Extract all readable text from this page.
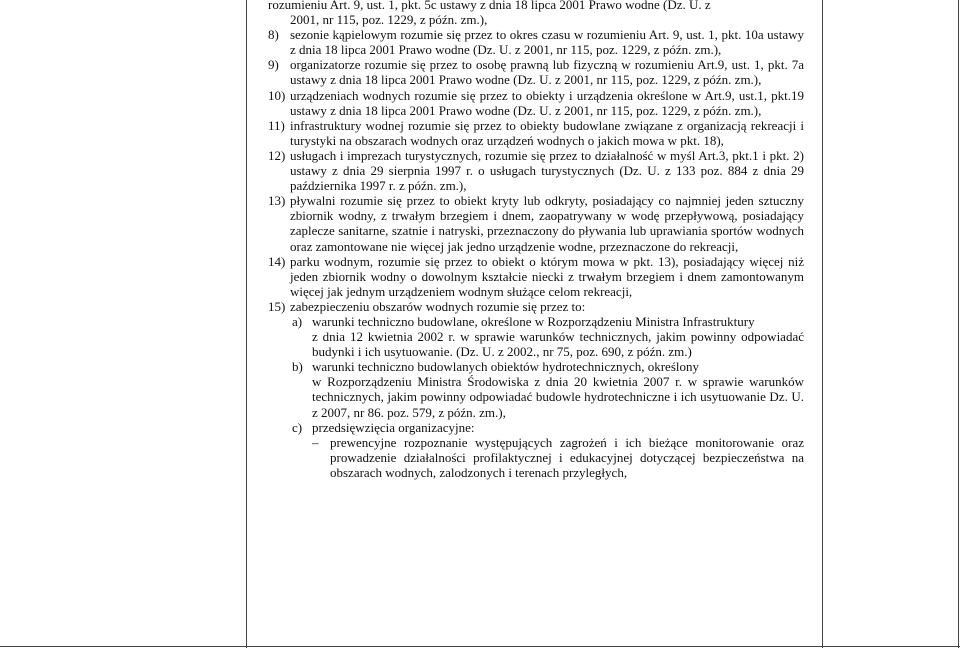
rozumieniu Art. 9, ust. 1, pkt. 5c ustawy z dnia 18 lipca 2001 Prawo wodne (Dz. U. z

2001, nr 115, poz. 1229, z późn. zm.),

8) sezonie kąpielowym rozumie się przez to okres czasu w rozumieniu Art. 9, ust. 1, pkt. 10a ustawy z dnia 18 lipca 2001 Prawo wodne (Dz. U. z 2001, nr 115, poz. 1229, z późn. zm.),
9) organizatorze rozumie się przez to osobę prawną lub fizyczną w rozumieniu Art.9, ust. 1, pkt. 7a ustawy z dnia 18 lipca 2001 Prawo wodne (Dz. U. z 2001, nr 115, poz. 1229, z późn. zm.),
10) urządzeniach wodnych rozumie się przez to obiekty i urządzenia określone w Art.9, ust.1, pkt.19 ustawy z dnia 18 lipca 2001 Prawo wodne (Dz. U. z 2001, nr 115, poz. 1229, z późn. zm.),
11) infrastruktury wodnej rozumie się przez to obiekty budowlane związane z organizacją rekreacji i turystyki na obszarach wodnych oraz urządzeń wodnych o jakich mowa w pkt. 18),
12) usługach i imprezach turystycznych, rozumie się przez to działalność w myśl Art.3, pkt.1 i pkt. 2) ustawy z dnia 29 sierpnia 1997 r. o usługach turystycznych (Dz. U. z 133 poz. 884 z dnia 29 października 1997 r. z późn. zm.),
13) pływalni rozumie się przez to obiekt kryty lub odkryty, posiadający co najmniej jeden sztuczny zbiornik wodny, z trwałym brzegiem i dnem, zaopatrywany w wodę przepływową, posiadający zaplecze sanitarne, szatnie i natryski, przeznaczony do pływania lub uprawiania sportów wodnych oraz zamontowane nie więcej jak jedno urządzenie wodne, przeznaczone do rekreacji,
14) parku wodnym, rozumie się przez to obiekt o którym mowa w pkt. 13), posiadający więcej niż jeden zbiornik wodny o dowolnym kształcie niecki z trwałym brzegiem i dnem zamontowanym więcej jak jednym urządzeniem wodnym służące celom rekreacji,
15) zabezpieczeniu obszarów wodnych rozumie się przez to:
a) warunki techniczno budowlane, określone w Rozporządzeniu Ministra Infrastruktury

z dnia 12 kwietnia 2002 r. w sprawie warunków technicznych, jakim powinny odpowiadać budynki i ich usytuowanie. (Dz. U. z 2002., nr 75, poz. 690, z późn. zm.)

b) warunki techniczno budowlanych obiektów hydrotechnicznych, określony

w Rozporządzeniu Ministra Środowiska z dnia 20 kwietnia 2007 r. w sprawie warunków technicznych, jakim powinny odpowiadać budowle hydrotechniczne i ich usytuowanie Dz. U. z 2007, nr 86. poz. 579, z późn. zm.),

c) przedsięwzięcia organizacyjne:
– prewencyjne rozpoznanie występujących zagrożeń i ich bieżące monitorowanie oraz prowadzenie działalności profilaktycznej i edukacyjnej dotyczącej bezpieczeństwa na obszarach wodnych, zalodzonych i terenach przyległych,
